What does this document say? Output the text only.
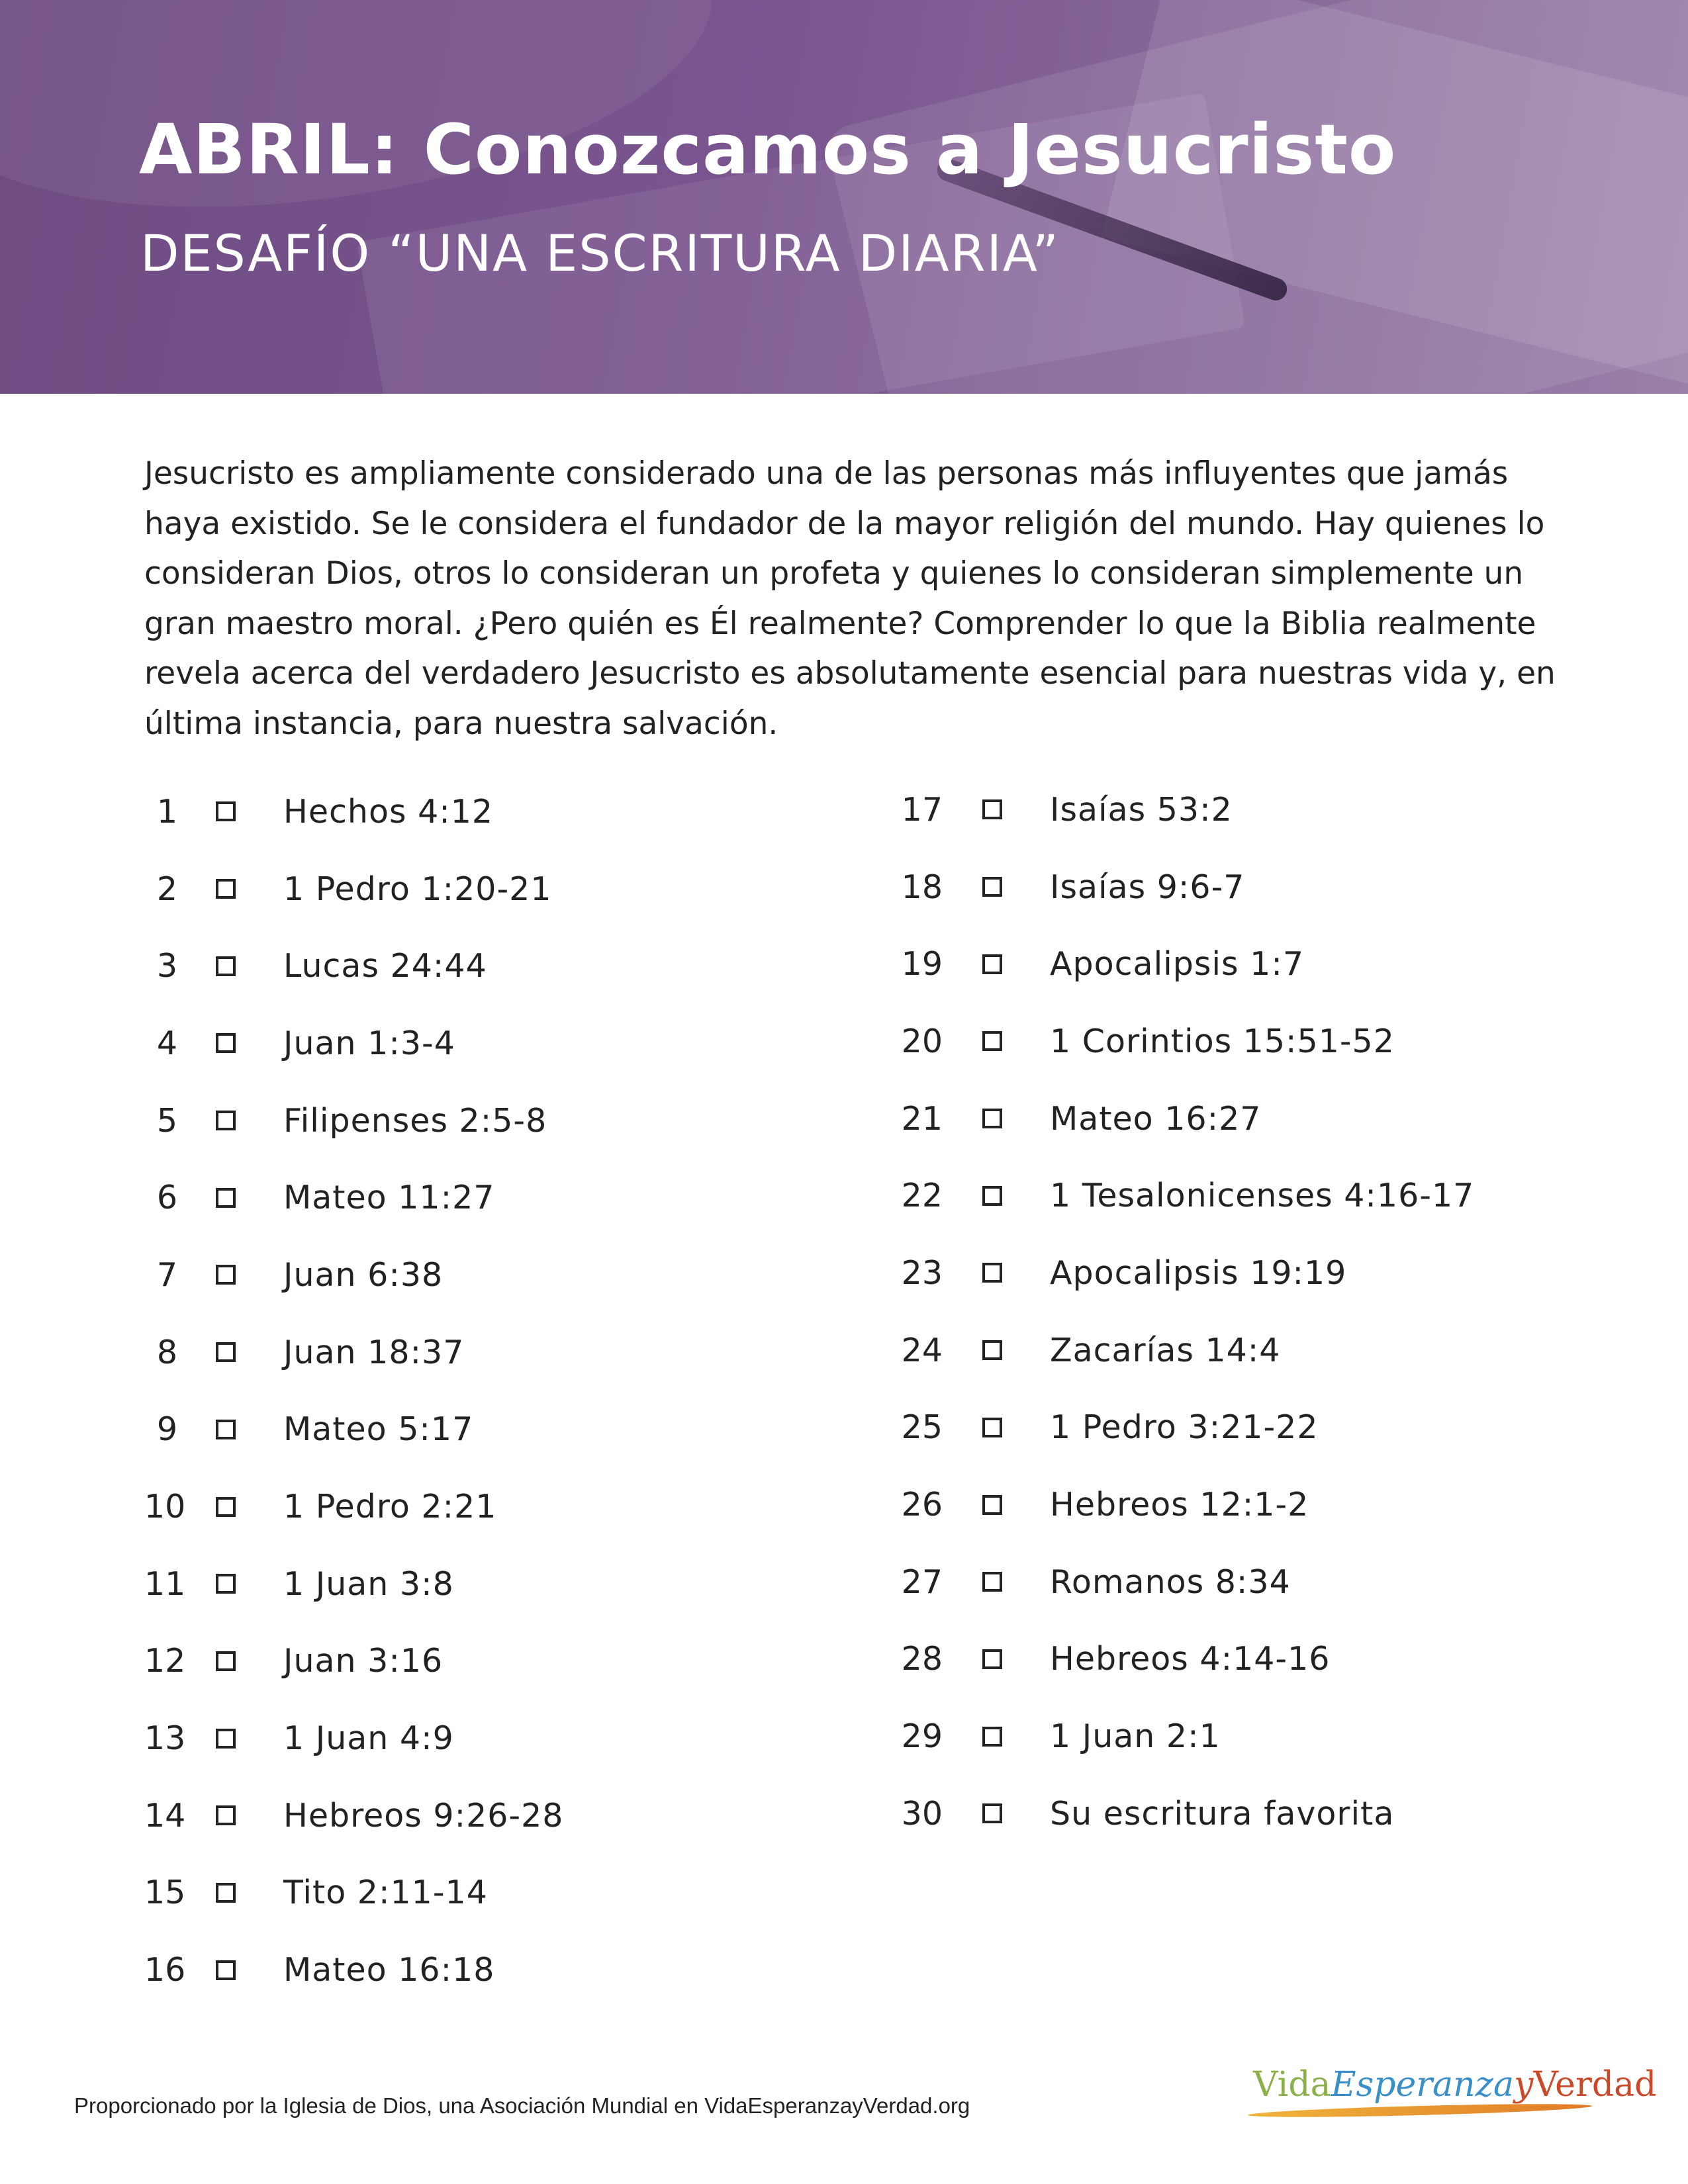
ABRIL: Conozcamos a Jesucristo
DESAFÍO “UNA ESCRITURA DIARIA”

Jesucristo es ampliamente considerado una de las personas más influyentes que jamás haya existido. Se le considera el fundador de la mayor religión del mundo. Hay quienes lo consideran Dios, otros lo consideran un profeta y quienes lo consideran simplemente un gran maestro moral. ¿Pero quién es Él realmente? Comprender lo que la Biblia realmente revela acerca del verdadero Jesucristo es absolutamente esencial para nuestras vida y, en última instancia, para nuestra salvación.

1	Hechos 4:12
2	1 Pedro 1:20-21
3	Lucas 24:44
4	Juan 1:3-4
5	Filipenses 2:5-8
6	Mateo 11:27
7	Juan 6:38
8	Juan 18:37
9	Mateo 5:17
10	1 Pedro 2:21
11	1 Juan 3:8
12	Juan 3:16
13	1 Juan 4:9
14	Hebreos 9:26-28
15	Tito 2:11-14
16	Mateo 16:18
17	Isaías 53:2
18	Isaías 9:6-7
19	Apocalipsis 1:7
20	1 Corintios 15:51-52
21	Mateo 16:27
22	1 Tesalonicenses 4:16-17
23	Apocalipsis 19:19
24	Zacarías 14:4
25	1 Pedro 3:21-22
26	Hebreos 12:1-2
27	Romanos 8:34
28	Hebreos 4:14-16
29	1 Juan 2:1
30	Su escritura favorita

Proporcionado por la Iglesia de Dios, una Asociación Mundial en VidaEsperanzayVerdad.org

VidaEsperanzayVerdad
